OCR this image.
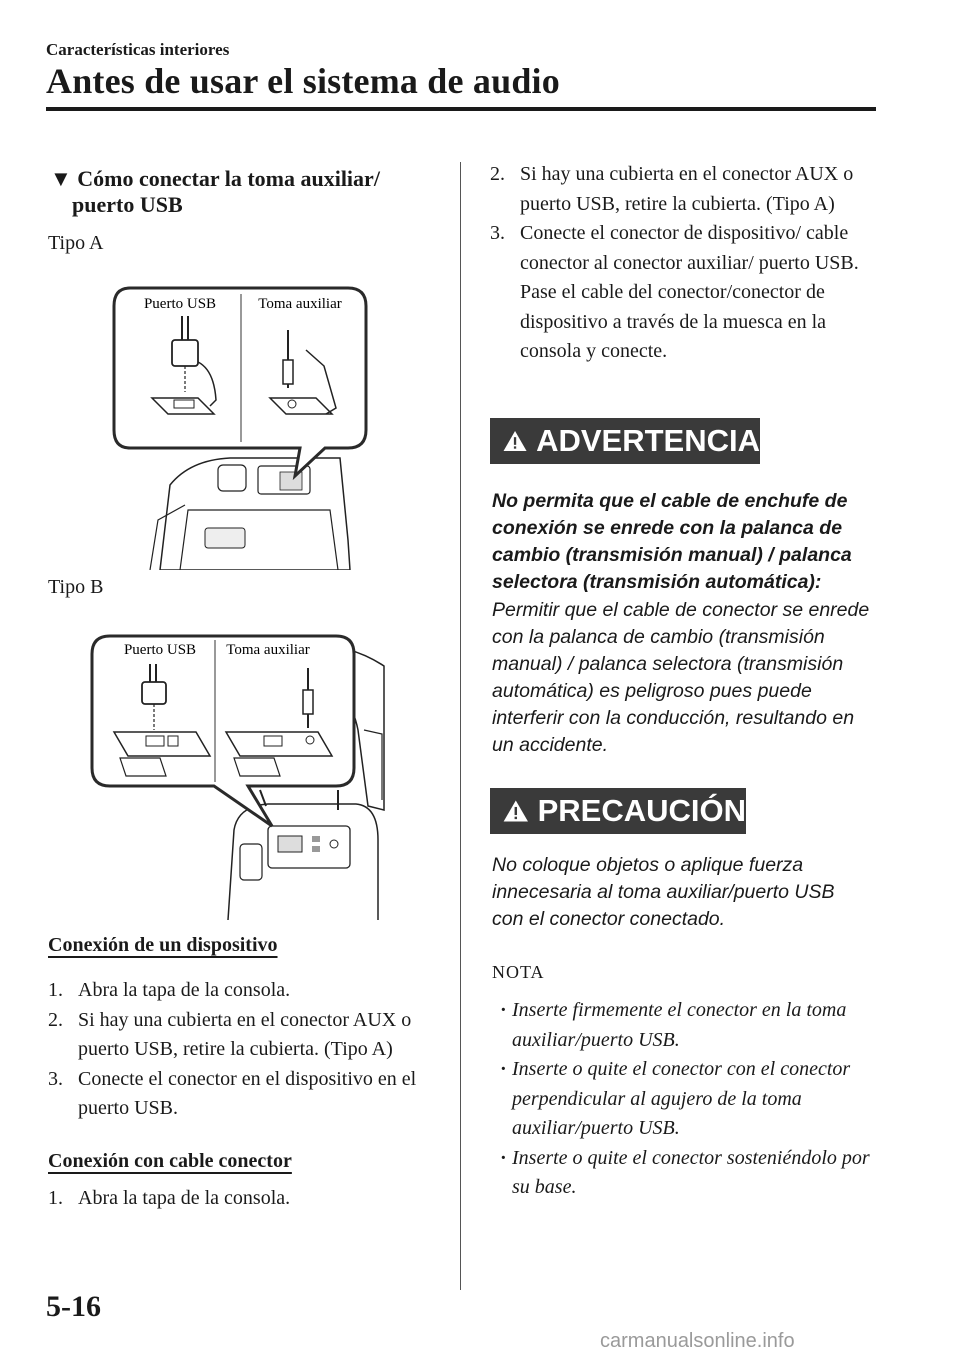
Características interiores
Antes de usar el sistema de audio
▼ Cómo conectar la toma auxiliar/
puerto USB
Tipo A
Puerto USB	Toma auxiliar
Tipo B
Puerto USB Toma auxiliar
Conexión de un dispositivo
1. Abra la tapa de la consola.
2. Si hay una cubierta en el conector AUX o puerto USB, retire la cubierta. (Tipo A)
3. Conecte el conector en el dispositivo en el puerto USB.
Conexión con cable conector
1. Abra la tapa de la consola.
2. Si hay una cubierta en el conector AUX o puerto USB, retire la cubierta. (Tipo A)
3. Conecte el conector de dispositivo/ cable conector al conector auxiliar/ puerto USB. Pase el cable del conector/conector de dispositivo a través de la muesca en la consola y conecte.
ADVERTENCIA
No permita que el cable de enchufe de conexión se enrede con la palanca de cambio (transmisión manual) / palanca selectora (transmisión automática):
Permitir que el cable de conector se enrede con la palanca de cambio (transmisión manual) / palanca selectora (transmisión automática) es peligroso pues puede interferir con la conducción, resultando en un accidente.
PRECAUCIÓN
No coloque objetos o aplique fuerza innecesaria al toma auxiliar/puerto USB con el conector conectado.
NOTA
· Inserte firmemente el conector en la toma auxiliar/puerto USB.
· Inserte o quite el conector con el conector perpendicular al agujero de la toma auxiliar/puerto USB.
· Inserte o quite el conector sosteniéndolo por su base.
5-16
carmanualsonline.info
